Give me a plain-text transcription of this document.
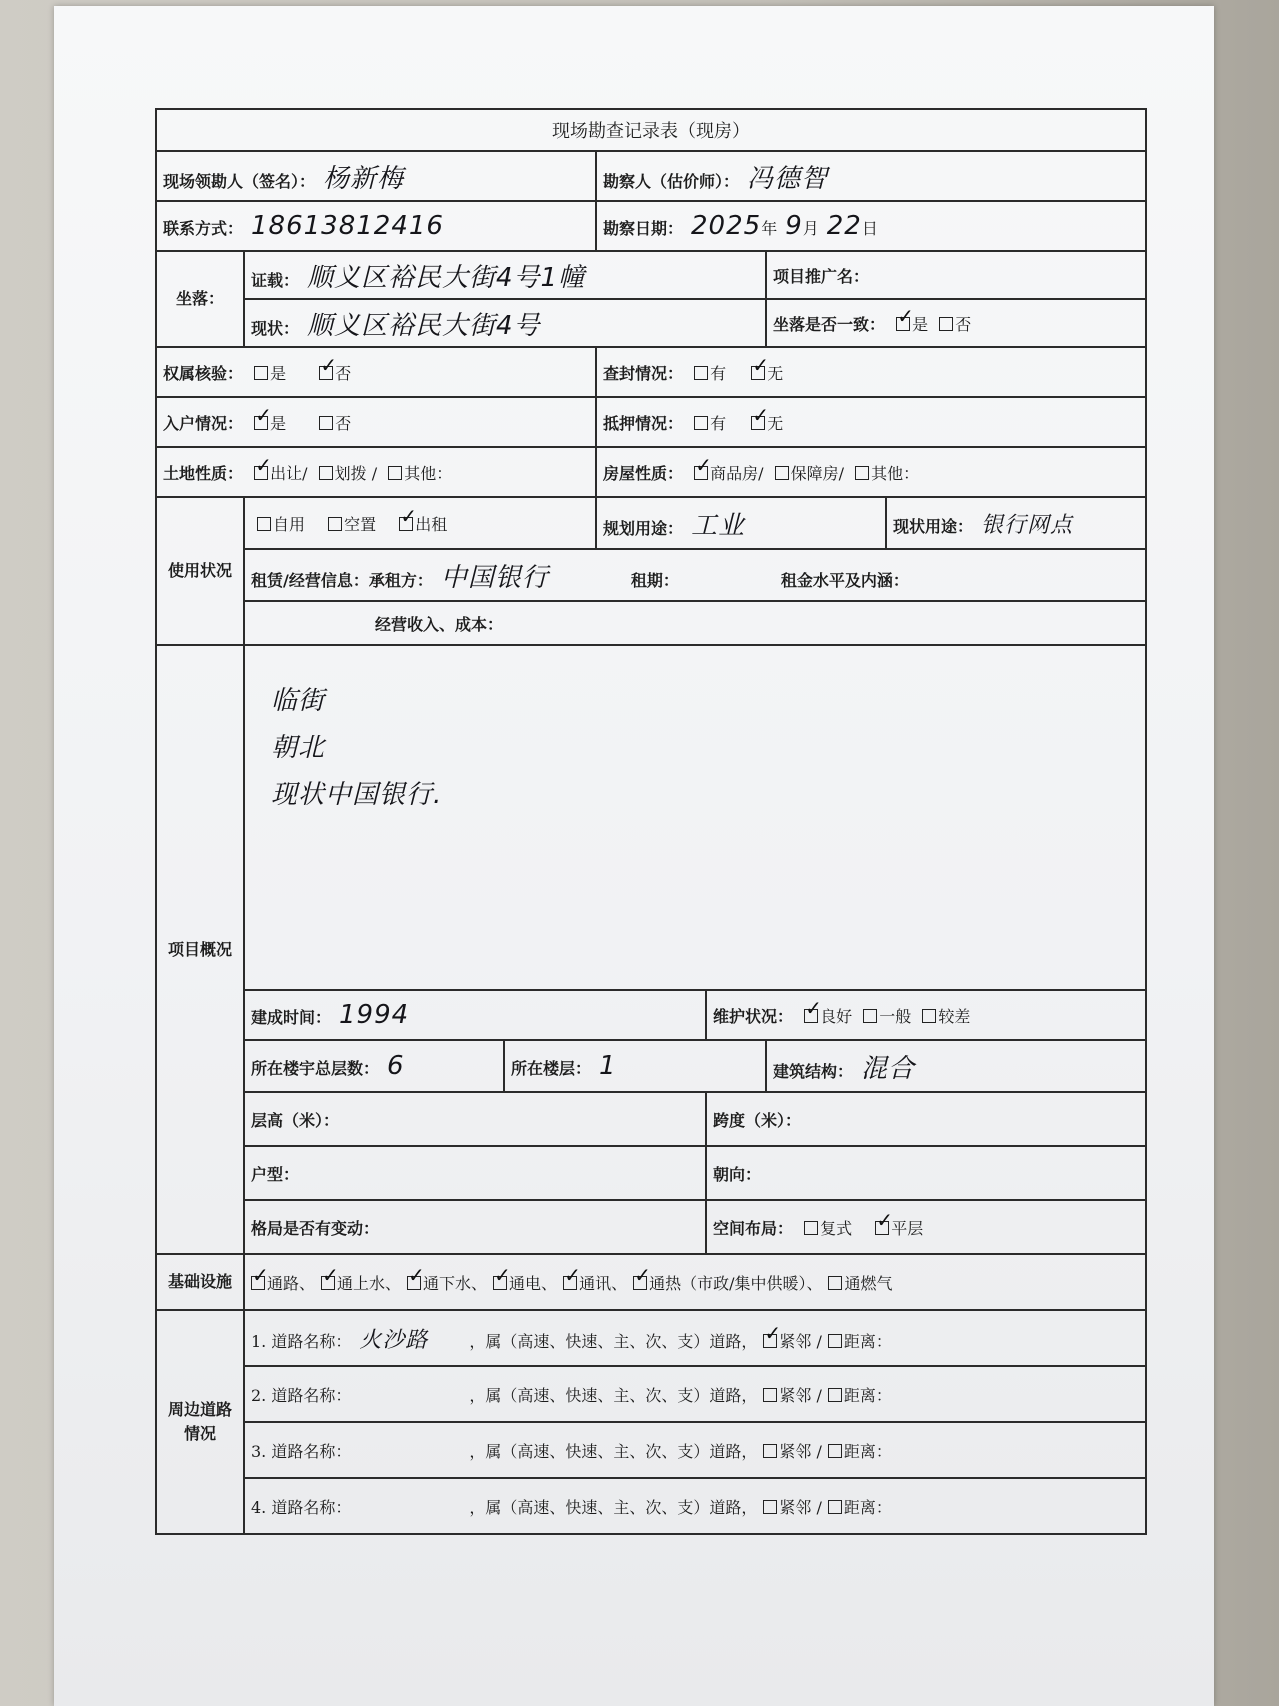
现场勘查记录表（现房）						
现场领勘人（签名）： 杨新梅			勘察人（估价师）： 冯德智			
联系方式： 18613812416			勘察日期： 2025年 9月 22日			
坐落：	证载： 顺义区裕民大街4号1幢				项目推广名：	
	现状： 顺义区裕民大街4号				坐落是否一致： ✓ 是 否
权属核验： 是 ✓ 否			查封情况： 有 ✓ 无
入户情况： ✓ 是 否			抵押情况： 有 ✓ 无
土地性质： ✓ 出让/ 划拨 / 其他：			房屋性质： ✓ 商品房/ 保障房/ 其他：
使用状况	自用 空置 ✓ 出租		规划用途： 工业			现状用途： 银行网点
	租赁/经营信息：承租方： 中国银行 租期： 租金水平及内涵：					
	经营收入、成本：					
项目概况	临街
朝北
现状中国银行.					

	建成时间： 1994			维护状况： ✓ 良好 一般 较差
	所在楼宇总层数： 6	所在楼层： 1			建筑结构： 混合	
	层高（米）：			跨度（米）：		
	户型：			朝向：		
	格局是否有变动：			空间布局： 复式 ✓ 平层
基础设施	✓通路、 ✓ 通上水、 ✓ 通下水、 ✓ 通电、 ✓ 通讯、 ✓ 通热（市政/集中供暖）、 通燃气
周边道路情况	1. 道路名称： 火沙路 ，属（高速、快速、主、次、支）道路， ✓ 紧邻 / 距离：
	2. 道路名称： ，属（高速、快速、主、次、支）道路， 紧邻 / 距离：					
	3. 道路名称： ，属（高速、快速、主、次、支）道路， 紧邻 / 距离：					
	4. 道路名称： ，属（高速、快速、主、次、支）道路， 紧邻 / 距离：					
